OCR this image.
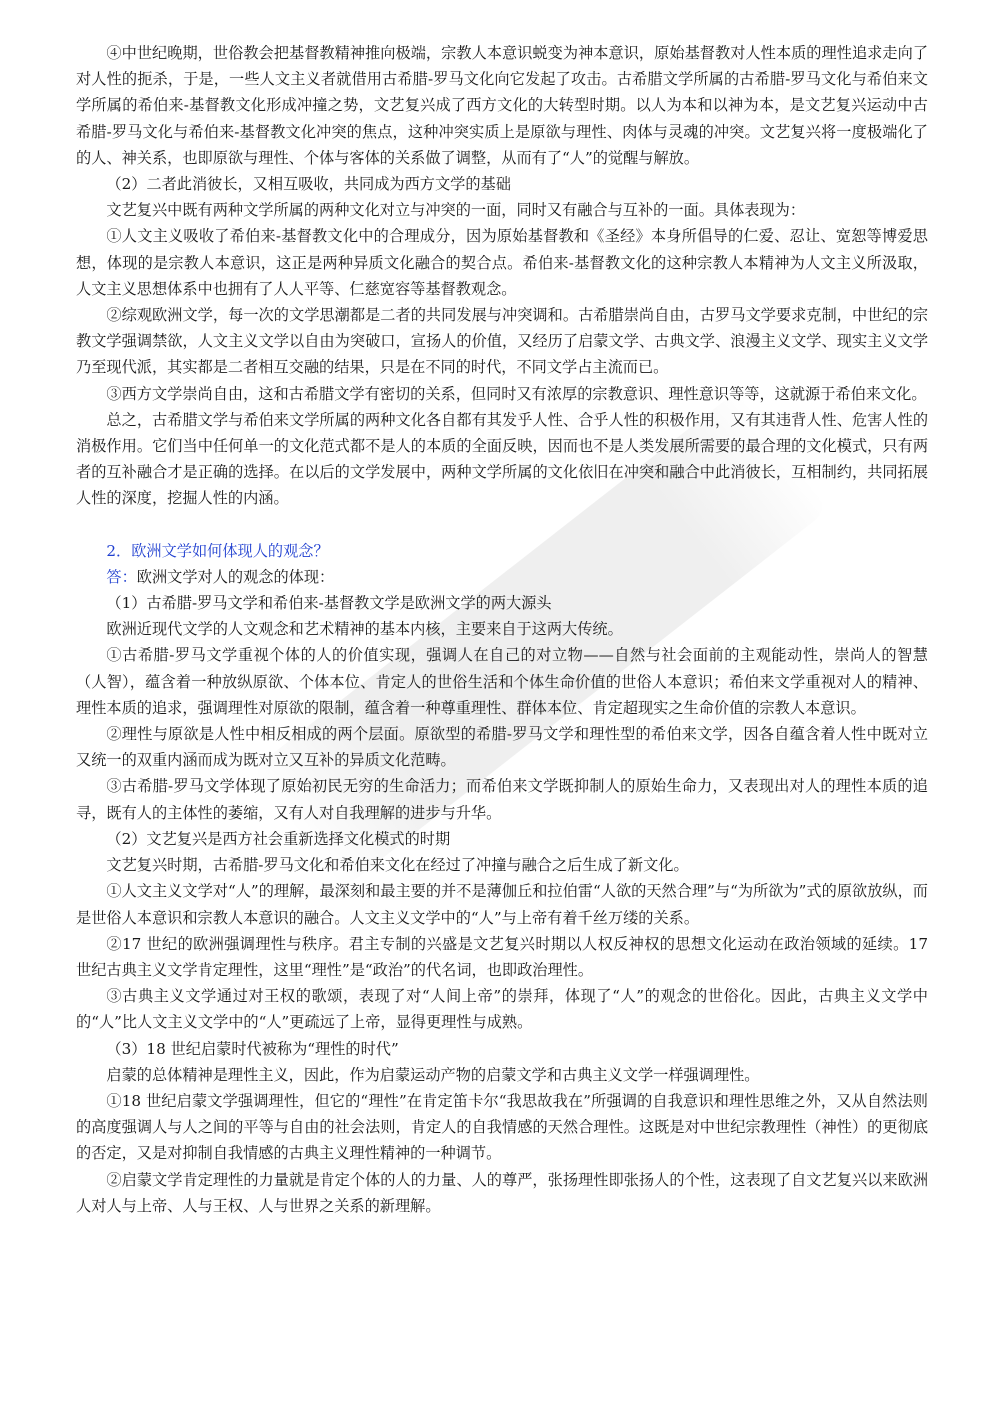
④中世纪晚期，世俗教会把基督教精神推向极端，宗教人本意识蜕变为神本意识，原始基督教对人性本质的理性追求走向了对人性的扼杀，于是，一些人文主义者就借用古希腊-罗马文化向它发起了攻击。古希腊文学所属的古希腊-罗马文化与希伯来文学所属的希伯来-基督教文化形成冲撞之势，文艺复兴成了西方文化的大转型时期。以人为本和以神为本，是文艺复兴运动中古希腊-罗马文化与希伯来-基督教文化冲突的焦点，这种冲突实质上是原欲与理性、肉体与灵魂的冲突。文艺复兴将一度极端化了的人、神关系，也即原欲与理性、个体与客体的关系做了调整，从而有了“人”的觉醒与解放。

（2）二者此消彼长，又相互吸收，共同成为西方文学的基础

文艺复兴中既有两种文学所属的两种文化对立与冲突的一面，同时又有融合与互补的一面。具体表现为：

①人文主义吸收了希伯来-基督教文化中的合理成分，因为原始基督教和《圣经》本身所倡导的仁爱、忍让、宽恕等博爱思想，体现的是宗教人本意识，这正是两种异质文化融合的契合点。希伯来-基督教文化的这种宗教人本精神为人文主义所汲取，人文主义思想体系中也拥有了人人平等、仁慈宽容等基督教观念。

②综观欧洲文学，每一次的文学思潮都是二者的共同发展与冲突调和。古希腊崇尚自由，古罗马文学要求克制，中世纪的宗教文学强调禁欲，人文主义文学以自由为突破口，宣扬人的价值，又经历了启蒙文学、古典文学、浪漫主义文学、现实主义文学乃至现代派，其实都是二者相互交融的结果，只是在不同的时代，不同文学占主流而已。

③西方文学崇尚自由，这和古希腊文学有密切的关系，但同时又有浓厚的宗教意识、理性意识等等，这就源于希伯来文化。

总之，古希腊文学与希伯来文学所属的两种文化各自都有其发乎人性、合乎人性的积极作用，又有其违背人性、危害人性的消极作用。它们当中任何单一的文化范式都不是人的本质的全面反映，因而也不是人类发展所需要的最合理的文化模式，只有两者的互补融合才是正确的选择。在以后的文学发展中，两种文学所属的文化依旧在冲突和融合中此消彼长，互相制约，共同拓展人性的深度，挖掘人性的内涵。

2．欧洲文学如何体现人的观念？

答：欧洲文学对人的观念的体现：

（1）古希腊-罗马文学和希伯来-基督教文学是欧洲文学的两大源头

欧洲近现代文学的人文观念和艺术精神的基本内核，主要来自于这两大传统。

①古希腊-罗马文学重视个体的人的价值实现，强调人在自己的对立物——自然与社会面前的主观能动性，崇尚人的智慧（人智），蕴含着一种放纵原欲、个体本位、肯定人的世俗生活和个体生命价值的世俗人本意识；希伯来文学重视对人的精神、理性本质的追求，强调理性对原欲的限制，蕴含着一种尊重理性、群体本位、肯定超现实之生命价值的宗教人本意识。

②理性与原欲是人性中相反相成的两个层面。原欲型的希腊-罗马文学和理性型的希伯来文学，因各自蕴含着人性中既对立又统一的双重内涵而成为既对立又互补的异质文化范畴。

③古希腊-罗马文学体现了原始初民无穷的生命活力；而希伯来文学既抑制人的原始生命力，又表现出对人的理性本质的追寻，既有人的主体性的萎缩，又有人对自我理解的进步与升华。

（2）文艺复兴是西方社会重新选择文化模式的时期

文艺复兴时期，古希腊-罗马文化和希伯来文化在经过了冲撞与融合之后生成了新文化。

①人文主义文学对“人”的理解，最深刻和最主要的并不是薄伽丘和拉伯雷“人欲的天然合理”与“为所欲为”式的原欲放纵，而是世俗人本意识和宗教人本意识的融合。人文主义文学中的“人”与上帝有着千丝万缕的关系。

②17 世纪的欧洲强调理性与秩序。君主专制的兴盛是文艺复兴时期以人权反神权的思想文化运动在政治领域的延续。17 世纪古典主义文学肯定理性，这里“理性”是“政治”的代名词，也即政治理性。

③古典主义文学通过对王权的歌颂，表现了对“人间上帝”的崇拜，体现了“人”的观念的世俗化。因此，古典主义文学中的“人”比人文主义文学中的“人”更疏远了上帝，显得更理性与成熟。

（3）18 世纪启蒙时代被称为“理性的时代”

启蒙的总体精神是理性主义，因此，作为启蒙运动产物的启蒙文学和古典主义文学一样强调理性。

①18 世纪启蒙文学强调理性，但它的“理性”在肯定笛卡尔“我思故我在”所强调的自我意识和理性思维之外，又从自然法则的高度强调人与人之间的平等与自由的社会法则，肯定人的自我情感的天然合理性。这既是对中世纪宗教理性（神性）的更彻底的否定，又是对抑制自我情感的古典主义理性精神的一种调节。

②启蒙文学肯定理性的力量就是肯定个体的人的力量、人的尊严，张扬理性即张扬人的个性，这表现了自文艺复兴以来欧洲人对人与上帝、人与王权、人与世界之关系的新理解。
